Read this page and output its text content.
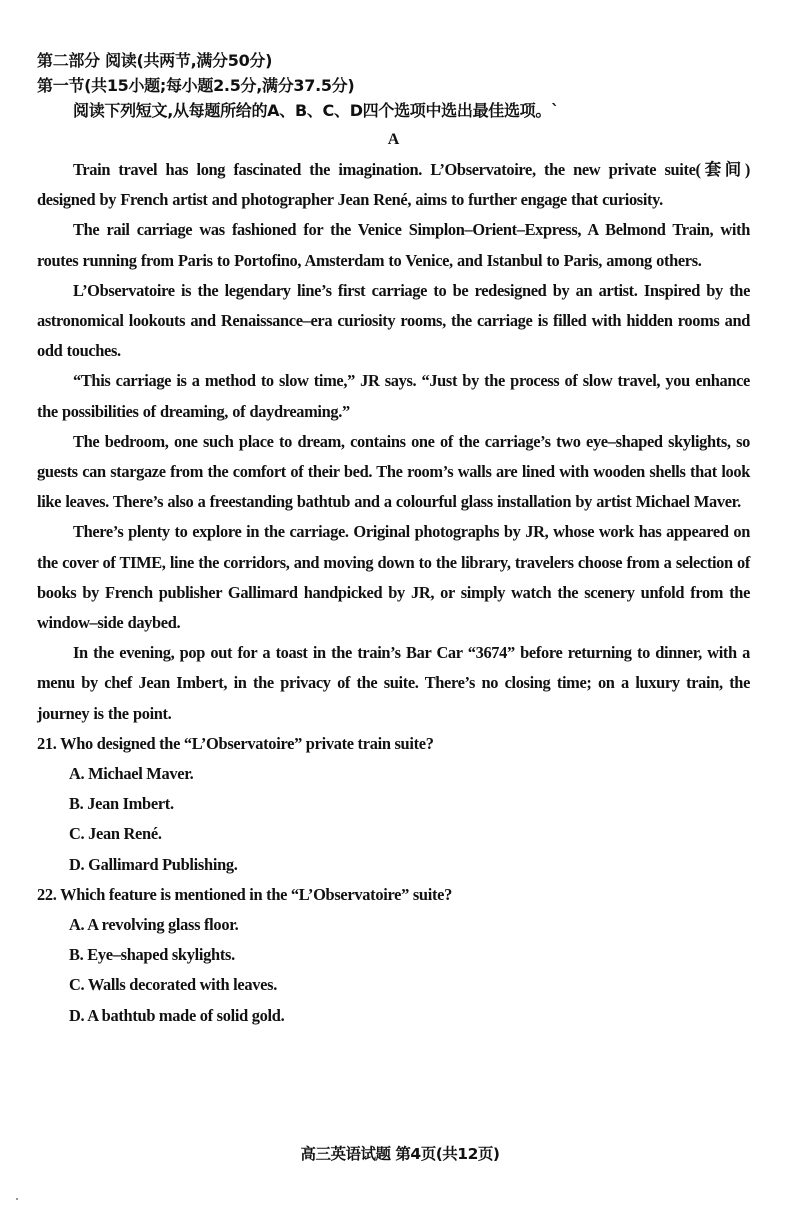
第二部分 阅读(共两节,满分50分)
第一节(共15小题;每小题2.5分,满分37.5分)
阅读下列短文,从每题所给的A、B、C、D四个选项中选出最佳选项。`
A

Train travel has long fascinated the imagination. L’Observatoire, the new private suite(套间) designed by French artist and photographer Jean René, aims to further engage that curiosity.

The rail carriage was fashioned for the Venice Simplon–Orient–Express, A Belmond Train, with routes running from Paris to Portofino, Amsterdam to Venice, and Istanbul to Paris, among others.

L’Observatoire is the legendary line’s first carriage to be redesigned by an artist. Inspired by the astronomical lookouts and Renaissance–era curiosity rooms, the carriage is filled with hidden rooms and odd touches.

“This carriage is a method to slow time,” JR says. “Just by the process of slow travel, you enhance the possibilities of dreaming, of daydreaming.”

The bedroom, one such place to dream, contains one of the carriage’s two eye–shaped skylights, so guests can stargaze from the comfort of their bed. The room’s walls are lined with wooden shells that look like leaves. There’s also a freestanding bathtub and a colourful glass installation by artist Michael Maver.

There’s plenty to explore in the carriage. Original photographs by JR, whose work has appeared on the cover of TIME, line the corridors, and moving down to the library, travelers choose from a selection of books by French publisher Gallimard handpicked by JR, or simply watch the scenery unfold from the window–side daybed.

In the evening, pop out for a toast in the train’s Bar Car “3674” before returning to dinner, with a menu by chef Jean Imbert, in the privacy of the suite. There’s no closing time; on a luxury train, the journey is the point.

21. Who designed the “L’Observatoire” private train suite?

A. Michael Maver.

B. Jean Imbert.

C. Jean René.

D. Gallimard Publishing.

22. Which feature is mentioned in the “L’Observatoire” suite?

A. A revolving glass floor.

B. Eye–shaped skylights.

C. Walls decorated with leaves.

D. A bathtub made of solid gold.

高三英语试题 第4页(共12页)
